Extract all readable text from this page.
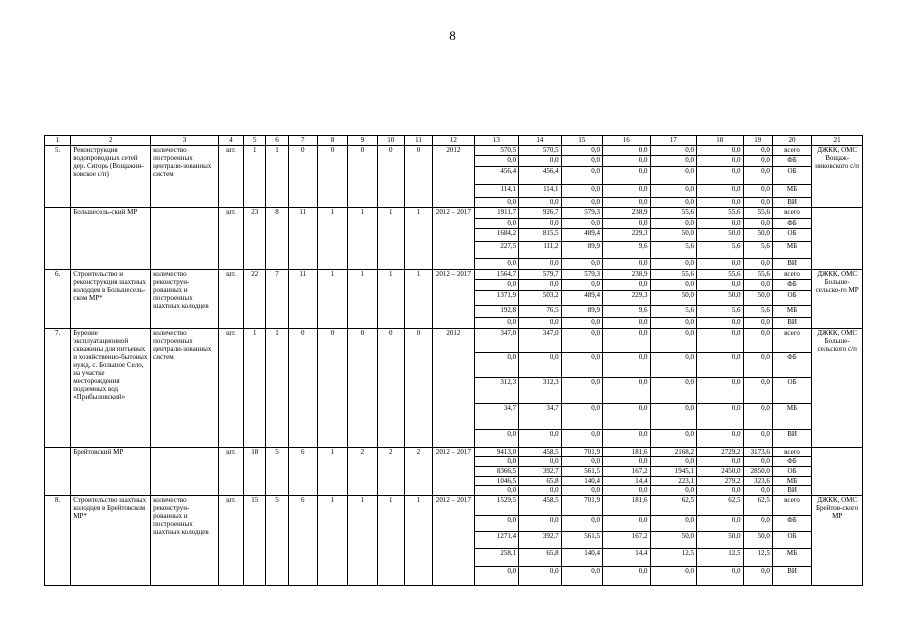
8
1	2	3	4	5	6	7	8	9	10	11	12	13	14	15	16	17	18	19	20	21
5.	Реконструкция водопроводных сетей дер. Сигорь (Вощажни-ковское с/п)	количество построенных централи-зованных систем	шт.	1	1	0	0	0	0	0	2012	570,5	570,5	0,0	0,0	0,0	0,0	0,0	всего	ДЖКК, ОМС Вощаж-никовского с/п
												0,0	0,0	0,0	0,0	0,0	0,0	0,0	ФБ	
												456,4	456,4	0,0	0,0	0,0	0,0	0,0	ОБ	
												114,1	114,1	0,0	0,0	0,0	0,0	0,0	МБ	
												0,0	0,0	0,0	0,0	0,0	0,0	0,0	ВИ	
	Большесель-ский МР		шт.	23	8	11	1	1	1	1	2012 – 2017	1911,7	926,7	579,3	238,9	55,6	55,6	55,6	всего	
												0,0	0,0	0,0	0,0	0,0	0,0	0,0	ФБ	
												1684,2	815,5	489,4	229,3	50,0	50,0	50,0	ОБ	
												227,5	111,2	89,9	9,6	5,6	5,6	5,6	МБ	
												0,0	0,0	0,0	0,0	0,0	0,0	0,0	ВИ	
6.	Строительство и реконструкция шахтных колодцев в Большесель-ском МР*	количество реконструи-рованных и построенных шахтных колодцев	шт.	22	7	11	1	1	1	1	2012 – 2017	1564,7	579,7	579,3	238,9	55,6	55,6	55,6	всего	ДЖКК, ОМС Больше-сельско-го МР
												0,0	0,0	0,0	0,0	0,0	0,0	0,0	ФБ	
												1371,9	503,2	489,4	229,3	50,0	50,0	50,0	ОБ	
												192,8	76,5	89,9	9,6	5,6	5,6	5,6	МБ	
												0,0	0,0	0,0	0,0	0,0	0,0	0,0	ВИ	
7.	Бурение эксплуатационной скважины для питьевых и хозяйственно-бытовых нужд, с. Большое Село, на участке месторождения подземных вод «Прибыловский»	количество построенных централи-зованных систем	шт.	1	1	0	0	0	0	0	2012	347,0	347,0	0,0	0,0	0,0	0,0	0,0	всего	ДЖКК, ОМС Больше-сельского с/п
												0,0	0,0	0,0	0,0	0,0	0,0	0,0	ФБ	
												312,3	312,3	0,0	0,0	0,0	0,0	0,0	ОБ	
												34,7	34,7	0,0	0,0	0,0	0,0	0,0	МБ	
												0,0	0,0	0,0	0,0	0,0	0,0	0,0	ВИ	
	Брейтовский МР		шт.	18	5	6	1	2	2	2	2012 – 2017	9413,0	458,5	701,9	181,6	2168,2	2729,2	3173,6	всего	
												0,0	0,0	0,0	0,0	0,0	0,0	0,0	ФБ	
												8366,5	392,7	561,5	167,2	1945,1	2450,0	2850,0	ОБ	
												1046,5	65,8	140,4	14,4	223,1	279,2	323,6	МБ	
												0,0	0,0	0,0	0,0	0,0	0,0	0,0	ВИ	
8.	Строительство шахтных колодцев в Брейтовском МР*	количество реконструи-рованных и построенных шахтных колодцев	шт.	15	5	6	1	1	1	1	2012 – 2017	1529,5	458,5	701,9	181,6	62,5	62,5	62,5	всего	ДЖКК, ОМС Брейтов-ского МР
												0,0	0,0	0,0	0,0	0,0	0,0	0,0	ФБ	
												1271,4	392,7	561,5	167,2	50,0	50,0	50,0	ОБ	
												258,1	65,8	140,4	14,4	12,5	12,5	12,5	МБ	
												0,0	0,0	0,0	0,0	0,0	0,0	0,0	ВИ	
